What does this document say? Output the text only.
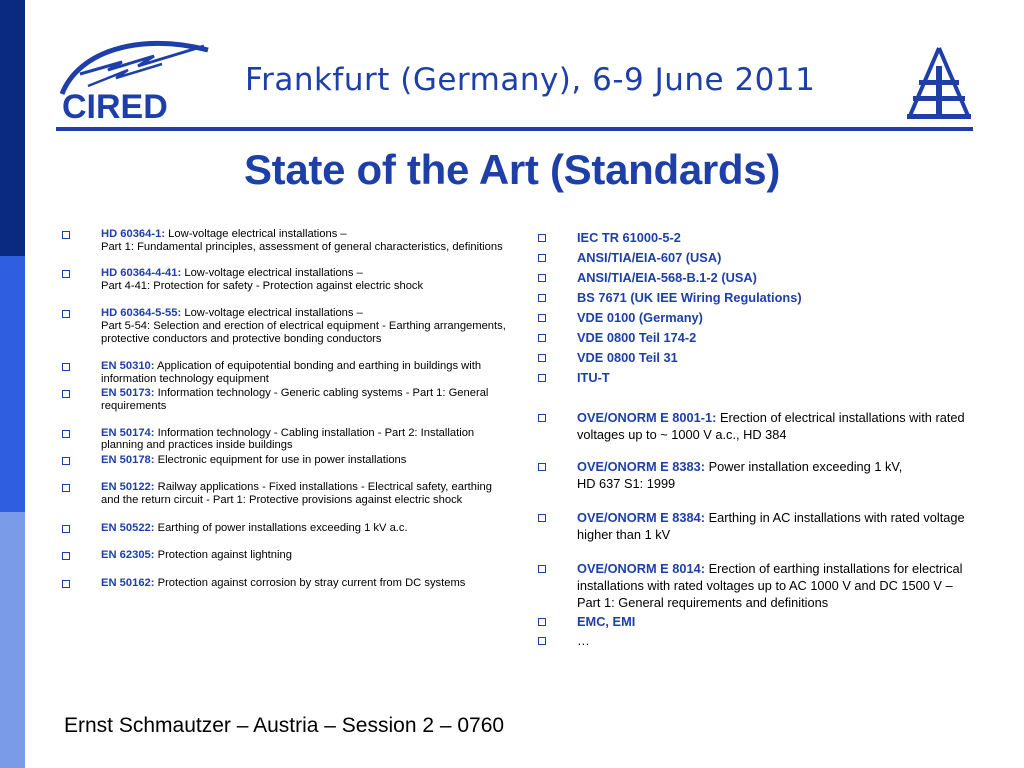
CIRED
Frankfurt (Germany), 6-9 June 2011
State of the Art (Standards)
HD 60364-1: Low-voltage electrical installations –
Part 1: Fundamental principles, assessment of general characteristics, definitions
HD 60364-4-41: Low-voltage electrical installations –
Part 4-41: Protection for safety - Protection against electric shock
HD 60364-5-55: Low-voltage electrical installations –
Part 5-54: Selection and erection of electrical equipment - Earthing arrangements, protective conductors and protective bonding conductors
EN 50310: Application of equipotential bonding and earthing in buildings with information technology equipment
EN 50173: Information technology - Generic cabling systems - Part 1: General requirements
EN 50174: Information technology - Cabling installation - Part 2: Installation planning and practices inside buildings
EN 50178: Electronic equipment for use in power installations
EN 50122: Railway applications - Fixed installations - Electrical safety, earthing and the return circuit - Part 1: Protective provisions against electric shock
EN 50522: Earthing of power installations exceeding 1 kV a.c.
EN 62305: Protection against lightning
EN 50162: Protection against corrosion by stray current from DC systems
IEC TR 61000-5-2
ANSI/TIA/EIA-607 (USA)
ANSI/TIA/EIA-568-B.1-2 (USA)
BS 7671 (UK IEE Wiring Regulations)
VDE 0100 (Germany)
VDE 0800 Teil 174-2
VDE 0800 Teil 31
ITU-T
OVE/ONORM E 8001-1: Erection of electrical installations with rated voltages up to ~ 1000 V a.c., HD 384
OVE/ONORM E 8383: Power installation exceeding 1 kV,
HD 637 S1: 1999
OVE/ONORM E 8384: Earthing in AC installations with rated voltage higher than 1 kV
OVE/ONORM E 8014: Erection of earthing installations for electrical installations with rated voltages up to AC 1000 V and DC 1500 V – Part 1: General requirements and definitions
EMC, EMI
…
Ernst Schmautzer – Austria – Session 2 – 0760
